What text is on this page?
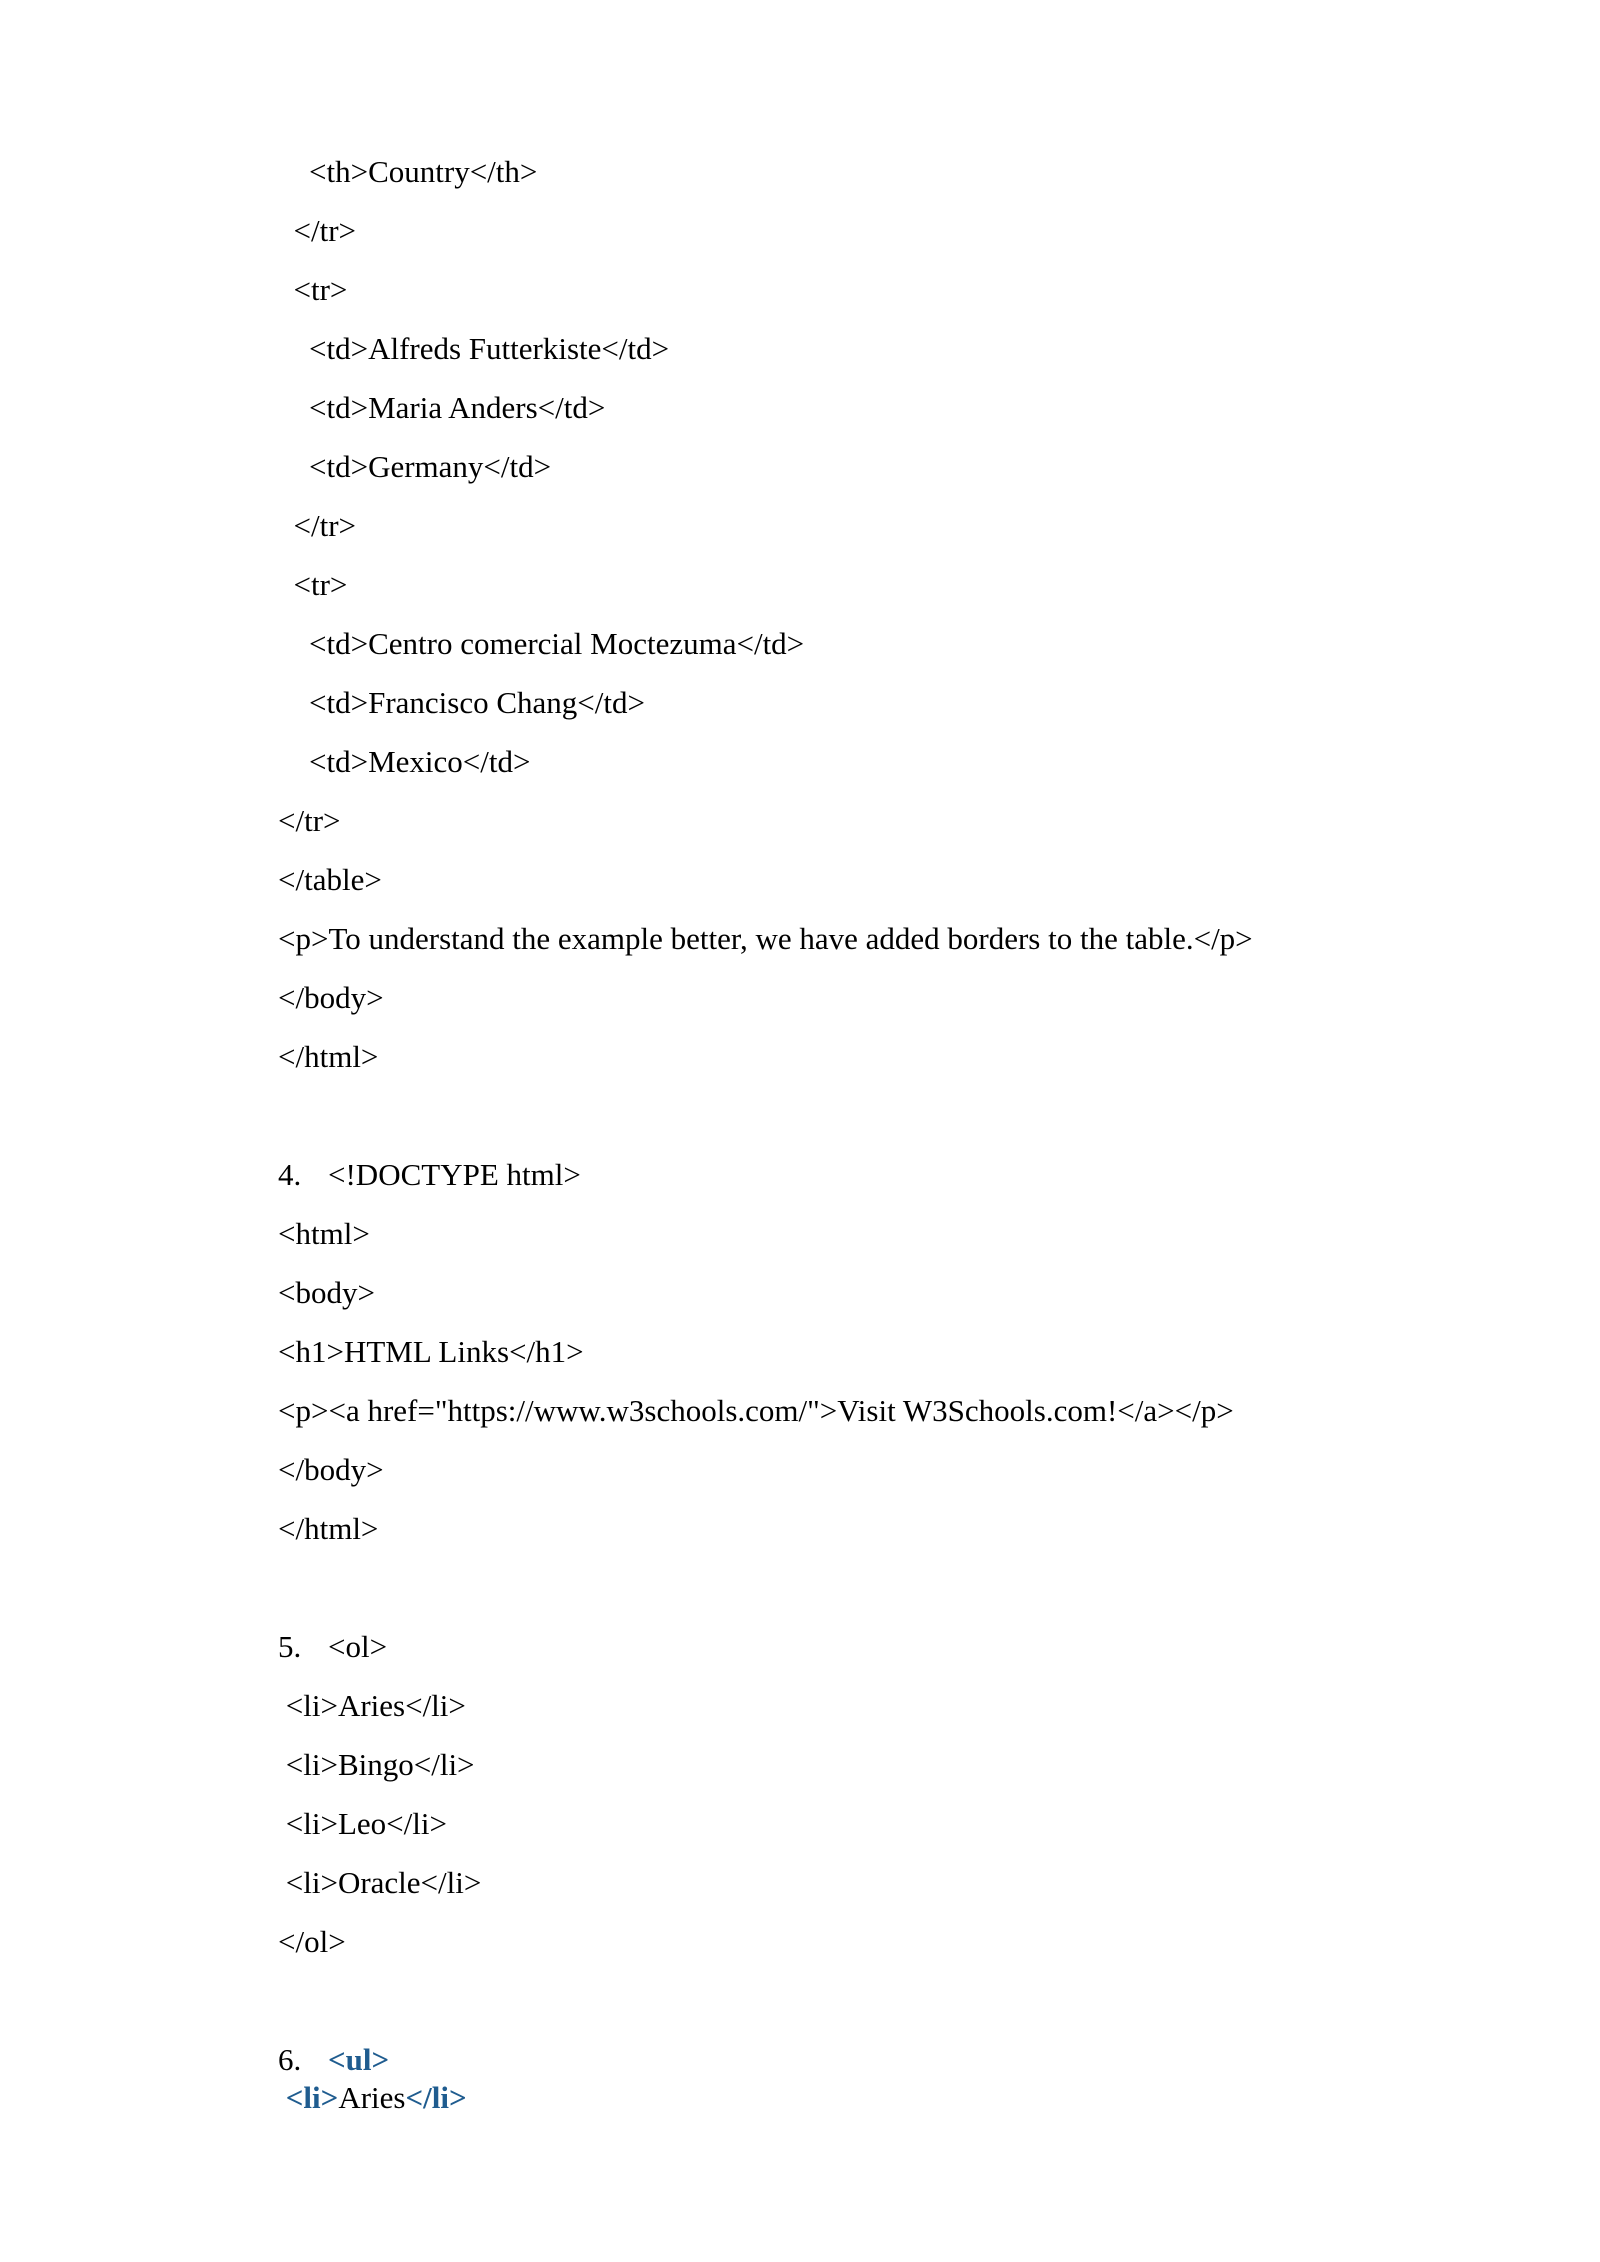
<th>Country</th>
</tr>
<tr>
<td>Alfreds Futterkiste</td>
<td>Maria Anders</td>
<td>Germany</td>
</tr>
<tr>
<td>Centro comercial Moctezuma</td>
<td>Francisco Chang</td>
<td>Mexico</td>
</tr>
</table>
<p>To understand the example better, we have added borders to the table.</p>
</body>
</html>
4. <!DOCTYPE html>
<html>
<body>
<h1>HTML Links</h1>
<p><a href="https://www.w3schools.com/">Visit W3Schools.com!</a></p>
</body>
</html>
5. <ol>
<li>Aries</li>
<li>Bingo</li>
<li>Leo</li>
<li>Oracle</li>
</ol>
6. <ul>
<li>Aries</li>
